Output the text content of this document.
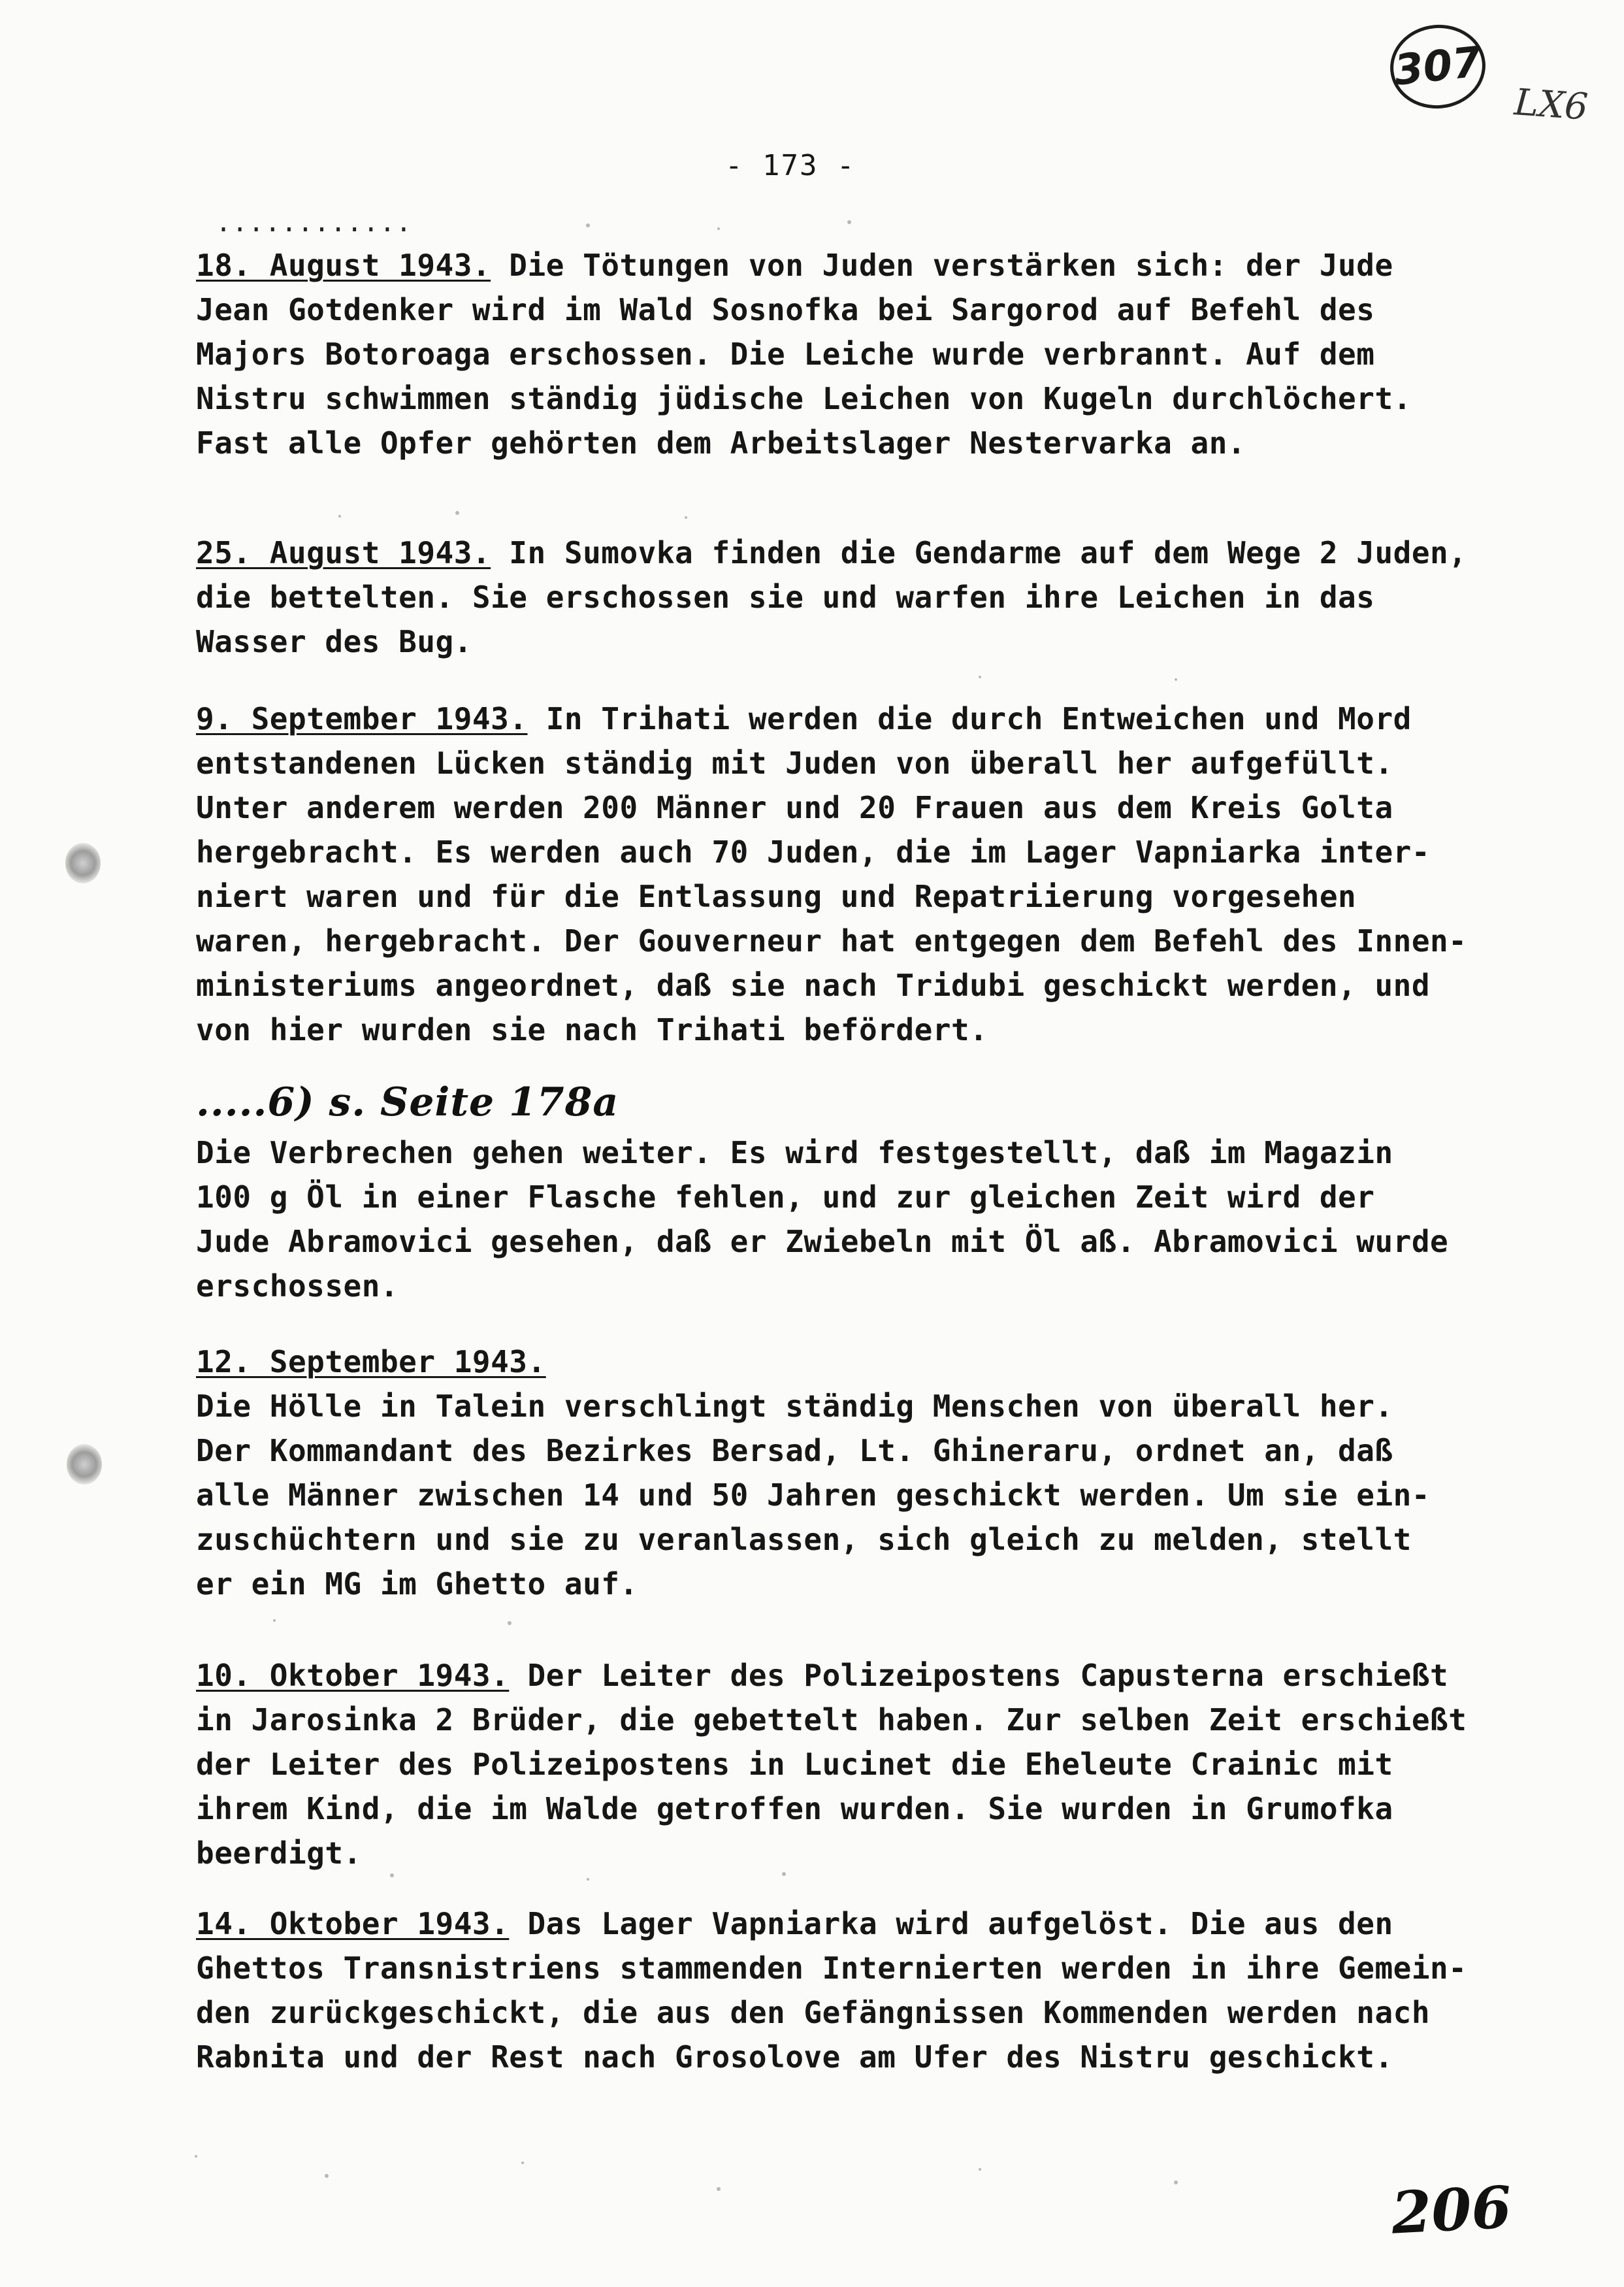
307
LX6
- 173 -
............
18. August 1943. Die Tötungen von Juden verstärken sich: der Jude
Jean Gotdenker wird im Wald Sosnofka bei Sargorod auf Befehl des
Majors Botoroaga erschossen. Die Leiche wurde verbrannt. Auf dem
Nistru schwimmen ständig jüdische Leichen von Kugeln durchlöchert.
Fast alle Opfer gehörten dem Arbeitslager Nestervarka an.
25. August 1943. In Sumovka finden die Gendarme auf dem Wege 2 Juden,
die bettelten. Sie erschossen sie und warfen ihre Leichen in das
Wasser des Bug.
9. September 1943. In Trihati werden die durch Entweichen und Mord
entstandenen Lücken ständig mit Juden von überall her aufgefüllt.
Unter anderem werden 200 Männer und 20 Frauen aus dem Kreis Golta
hergebracht. Es werden auch 70 Juden, die im Lager Vapniarka inter-
niert waren und für die Entlassung und Repatriierung vorgesehen
waren, hergebracht. Der Gouverneur hat entgegen dem Befehl des Innen-
ministeriums angeordnet, daß sie nach Tridubi geschickt werden, und
von hier wurden sie nach Trihati befördert.
.....6) s. Seite 178a
Die Verbrechen gehen weiter. Es wird festgestellt, daß im Magazin
100 g Öl in einer Flasche fehlen, und zur gleichen Zeit wird der
Jude Abramovici gesehen, daß er Zwiebeln mit Öl aß. Abramovici wurde
erschossen.
12. September 1943.
Die Hölle in Talein verschlingt ständig Menschen von überall her.
Der Kommandant des Bezirkes Bersad, Lt. Ghineraru, ordnet an, daß
alle Männer zwischen 14 und 50 Jahren geschickt werden. Um sie ein-
zuschüchtern und sie zu veranlassen, sich gleich zu melden, stellt
er ein MG im Ghetto auf.
10. Oktober 1943. Der Leiter des Polizeipostens Capusterna erschießt
in Jarosinka 2 Brüder, die gebettelt haben. Zur selben Zeit erschießt
der Leiter des Polizeipostens in Lucinet die Eheleute Crainic mit
ihrem Kind, die im Walde getroffen wurden. Sie wurden in Grumofka
beerdigt.
14. Oktober 1943. Das Lager Vapniarka wird aufgelöst. Die aus den
Ghettos Transnistriens stammenden Internierten werden in ihre Gemein-
den zurückgeschickt, die aus den Gefängnissen Kommenden werden nach
Rabnita und der Rest nach Grosolove am Ufer des Nistru geschickt.
206
